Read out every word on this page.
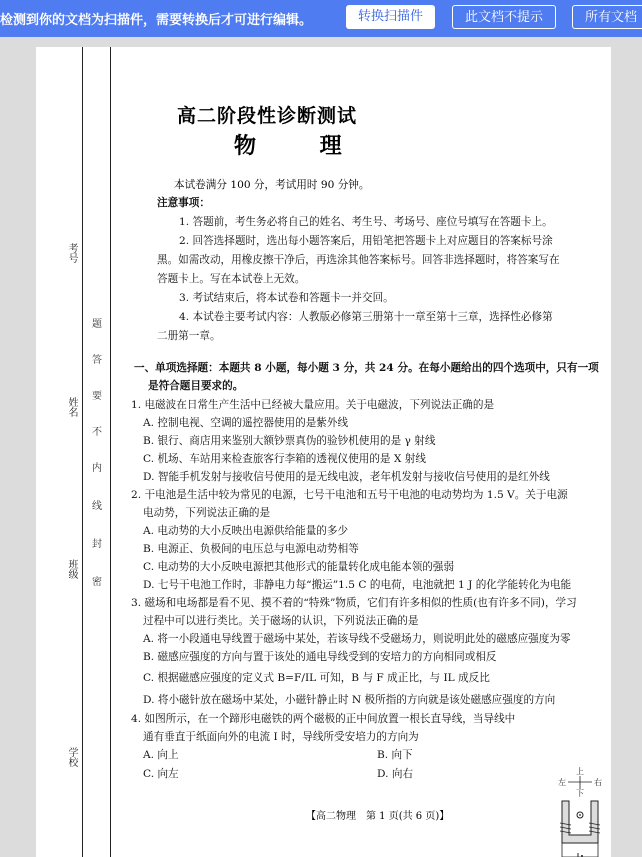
检测到你的文档为扫描件，需要转换后才可进行编辑。	转换扫描件	此文档不提示	所有文档
考号
姓名
班级
学校
题
答
要
不
内
线
封
密
高二阶段性诊断测试
物 理
本试卷满分 100 分，考试用时 90 分钟。
注意事项：
1. 答题前，考生务必将自己的姓名、考生号、考场号、座位号填写在答题卡上。
2. 回答选择题时，选出每小题答案后，用铅笔把答题卡上对应题目的答案标号涂
黑。如需改动，用橡皮擦干净后，再选涂其他答案标号。回答非选择题时，将答案写在
答题卡上。写在本试卷上无效。
3. 考试结束后，将本试卷和答题卡一并交回。
4. 本试卷主要考试内容：人教版必修第三册第十一章至第十三章，选择性必修第
二册第一章。
一、单项选择题：本题共 8 小题，每小题 3 分，共 24 分。在每小题给出的四个选项中，只有一项
是符合题目要求的。
1. 电磁波在日常生产生活中已经被大量应用。关于电磁波，下列说法正确的是
A. 控制电视、空调的遥控器使用的是紫外线
B. 银行、商店用来鉴别大额钞票真伪的验钞机使用的是 γ 射线
C. 机场、车站用来检查旅客行李箱的透视仪使用的是 X 射线
D. 智能手机发射与接收信号使用的是无线电波，老年机发射与接收信号使用的是红外线
2. 干电池是生活中较为常见的电源，七号干电池和五号干电池的电动势均为 1.5 V。关于电源
电动势，下列说法正确的是
A. 电动势的大小反映出电源供给能量的多少
B. 电源正、负极间的电压总与电源电动势相等
C. 电动势的大小反映电源把其他形式的能量转化成电能本领的强弱
D. 七号干电池工作时，非静电力每“搬运”1.5 C 的电荷，电池就把 1 J 的化学能转化为电能
3. 磁场和电场都是看不见、摸不着的“特殊”物质，它们有许多相似的性质(也有许多不同)，学习
过程中可以进行类比。关于磁场的认识，下列说法正确的是
A. 将一小段通电导线置于磁场中某处，若该导线不受磁场力，则说明此处的磁感应强度为零
B. 磁感应强度的方向与置于该处的通电导线受到的安培力的方向相同或相反
C. 根据磁感应强度的定义式 B=F/IL 可知，B 与 F 成正比，与 IL 成反比
D. 将小磁针放在磁场中某处，小磁针静止时 N 极所指的方向就是该处磁感应强度的方向
4. 如图所示，在一个蹄形电磁铁的两个磁极的正中间放置一根长直导线，当导线中
通有垂直于纸面向外的电流 I 时，导线所受安培力的方向为
A. 向上	B. 向下
C. 向左	D. 向右	上
左	右
下
【高二物理　第 1 页(共 6 页)】
